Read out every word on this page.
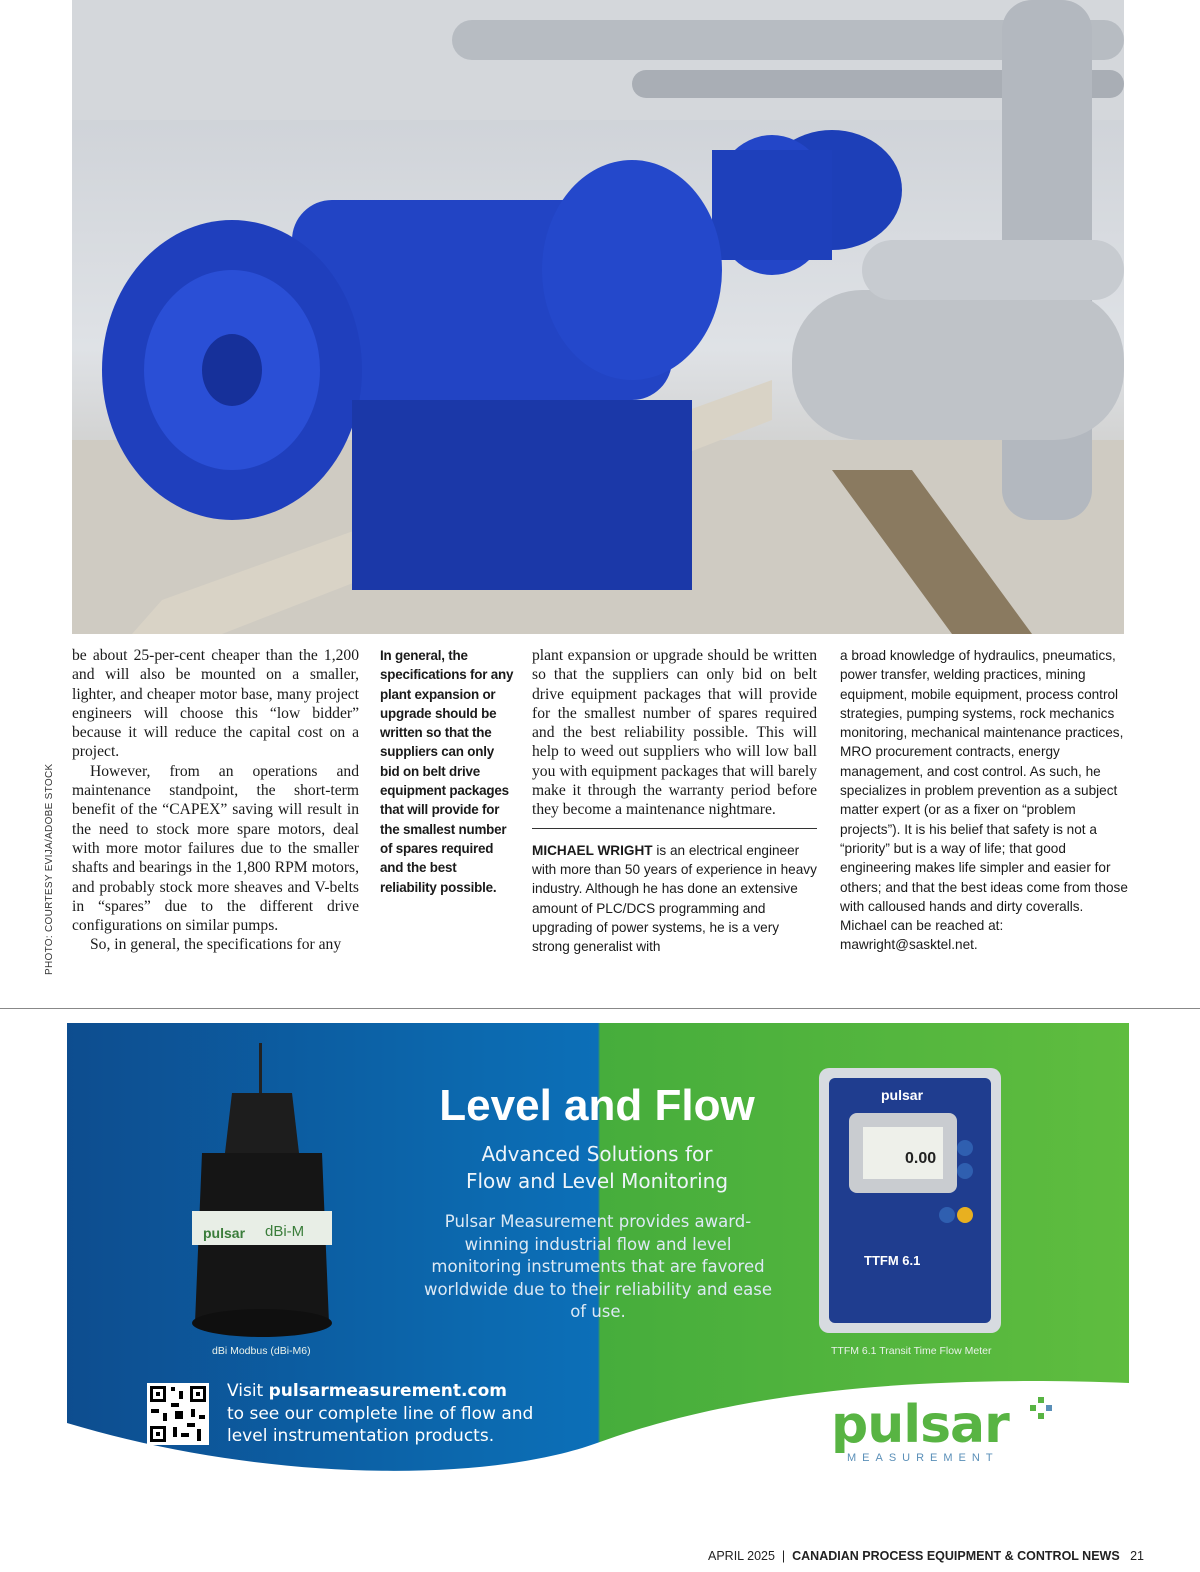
PHOTO: COURTESY EVIJA/ADOBE STOCK

be about 25-per-cent cheaper than the 1,200 and will also be mounted on a smaller, lighter, and cheaper motor base, many project engineers will choose this “low bidder” because it will reduce the capital cost on a project.

However, from an operations and maintenance standpoint, the short-term benefit of the “CAPEX” saving will result in the need to stock more spare motors, deal with more motor failures due to the smaller shafts and bearings in the 1,800 RPM motors, and probably stock more sheaves and V-belts in “spares” due to the different drive configurations on similar pumps.

So, in general, the specifications for any

In general, the specifications for any plant expansion or upgrade should be written so that the suppliers can only bid on belt drive equipment packages that will provide for the smallest number of spares required and the best reliability possible.

plant expansion or upgrade should be written so that the suppliers can only bid on belt drive equipment packages that will provide for the smallest number of spares required and the best reliability possible. This will help to weed out suppliers who will low ball you with equipment packages that will barely make it through the warranty period before they become a maintenance nightmare.

MICHAEL WRIGHT is an electrical engineer with more than 50 years of experience in heavy industry. Although he has done an extensive amount of PLC/DCS programming and upgrading of power systems, he is a very strong generalist with

a broad knowledge of hydraulics, pneumatics, power transfer, welding practices, mining equipment, mobile equipment, process control strategies, pumping systems, rock mechanics monitoring, mechanical maintenance practices, MRO procurement contracts, energy management, and cost control. As such, he specializes in problem prevention as a subject matter expert (or as a fixer on “problem projects”). It is his belief that safety is not a “priority” but is a way of life; that good engineering makes life simpler and easier for others; and that the best ideas come from those with calloused hands and dirty coveralls. Michael can be reached at: mawright@sasktel.net.

pulsar dBi-M
pulsar
0.00
TTFM 6.1
Level and Flow
Advanced Solutions for
Flow and Level Monitoring
Pulsar Measurement provides award-winning industrial flow and level monitoring instruments that are favored worldwide due to their reliability and ease of use.
dBi Modbus (dBi-M6)	TTFM 6.1 Transit Time Flow Meter
Visit pulsarmeasurement.com
to see our complete line of flow and level instrumentation products.	pulsar
MEASUREMENT
APRIL 2025 | CANADIAN PROCESS EQUIPMENT & CONTROL NEWS 21
